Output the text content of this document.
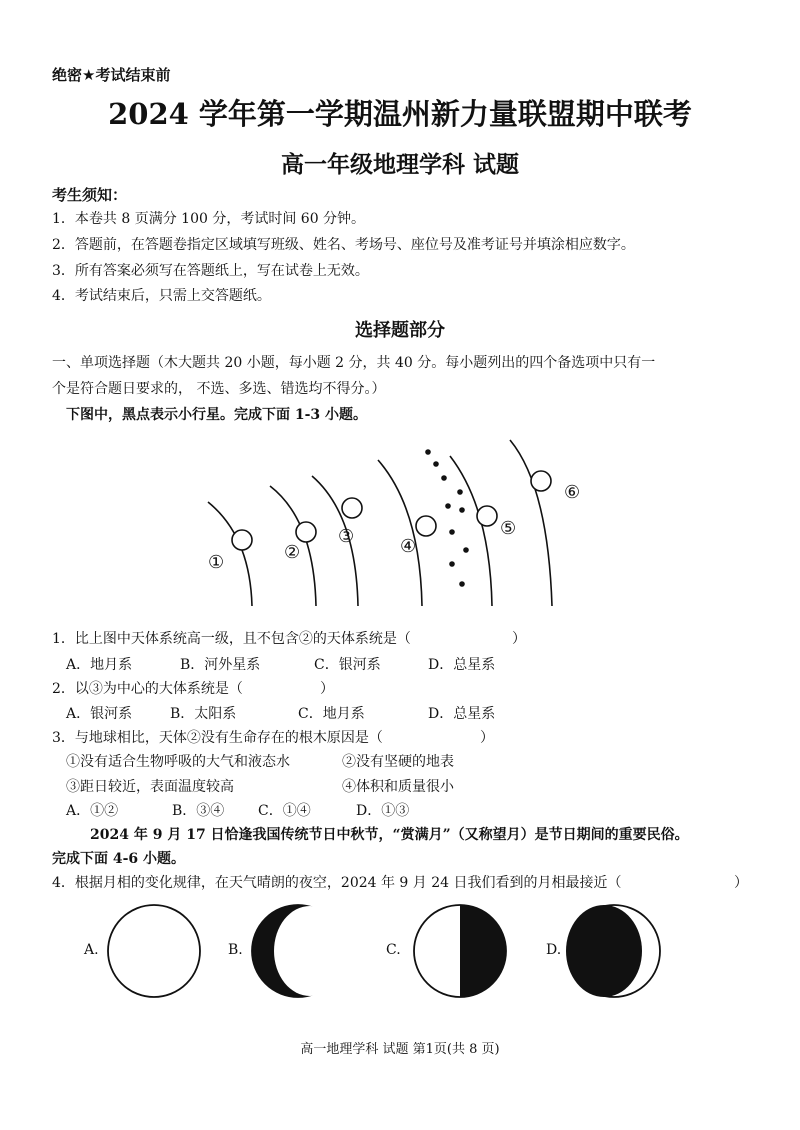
绝密★考试结束前
2024 学年第一学期温州新力量联盟期中联考
高一年级地理学科 试题
考生须知：
1．本卷共 8 页满分 100 分，考试时间 60 分钟。
2．答题前，在答题卷指定区域填写班级、姓名、考场号、座位号及准考证号并填涂相应数字。
3．所有答案必须写在答题纸上，写在试卷上无效。
4．考试结束后，只需上交答题纸。
选择题部分
一、单项选择题（木大题共 20 小题，每小题 2 分，共 40 分。每小题列出的四个备选项中只有一
个是符合题日要求的， 不选、多选、错选均不得分。）
下图中，黑点表示小行星。完成下面 1-3 小题。
①	②
③	④
⑤
⑥
1．比上图中天体系统高一级，且不包含②的天体系统是（	）
A．地月系	B．河外星系	C．银河系	D．总星系
2．以③为中心的大体系统是（	）
A．银河系	B．太阳系	C．地月系	D．总星系
3．与地球相比，天体②没有生命存在的根木原因是（	）
①没有适合生物呼吸的大气和液态水	②没有坚硬的地表
③距日较近，表面温度较高	④体积和质量很小
A．①②	B．③④ C．①④	D．①③
2024 年 9 月 17 日恰逢我国传统节日中秋节，“赏满月”（又称望月）是节日期间的重要民俗。
完成下面 4-6 小题。
4．根据月相的变化规律，在天气晴朗的夜空，2024 年 9 月 24 日我们看到的月相最接近（	）
A.	B.	C.	D.
高一地理学科 试题 第1页(共 8 页)
